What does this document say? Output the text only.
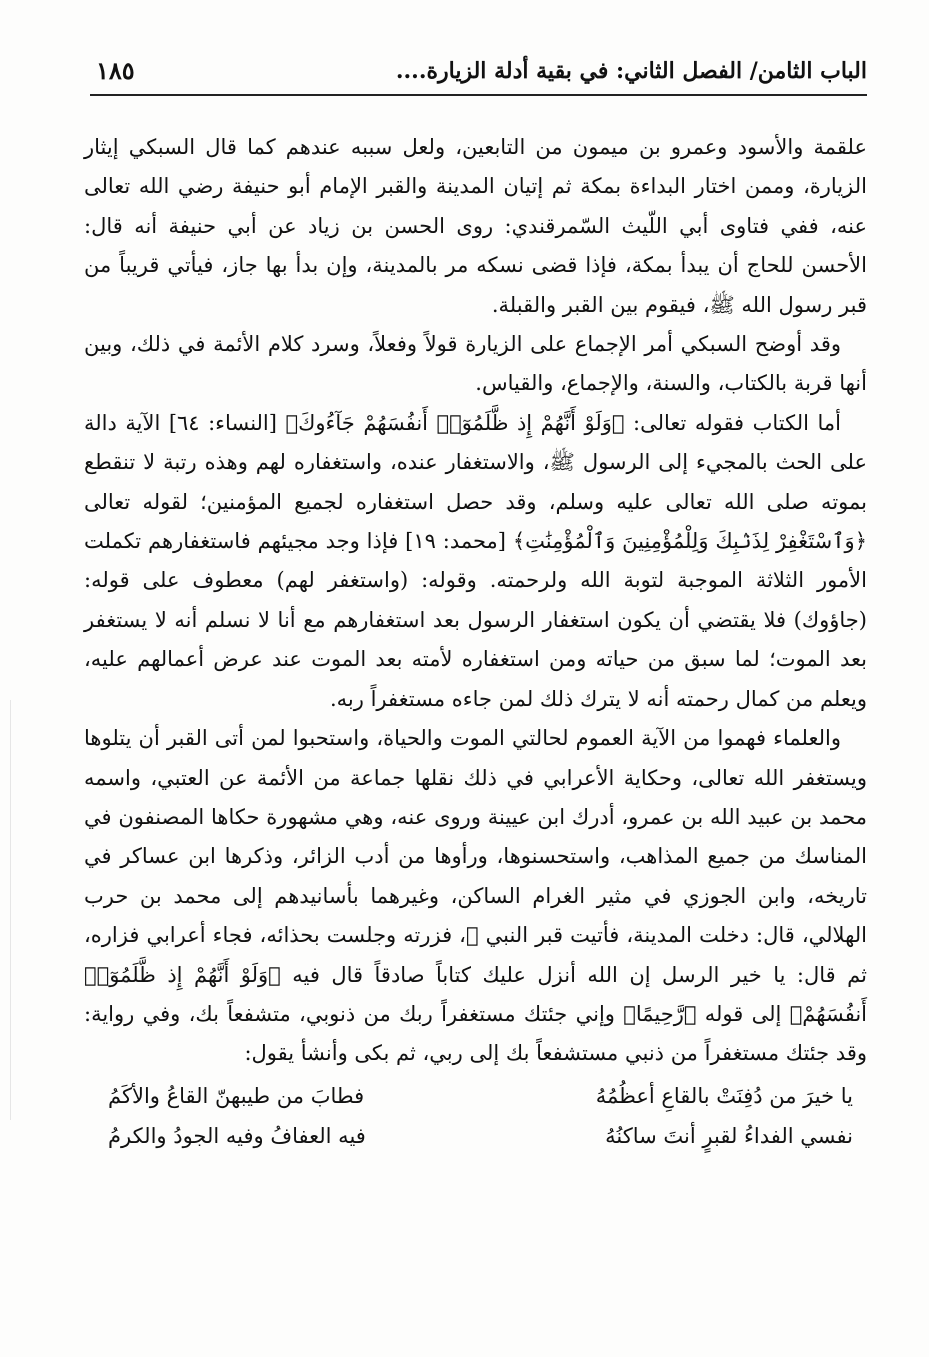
الباب الثامن/ الفصل الثاني: في بقية أدلة الزيارة....
١٨٥

علقمة والأسود وعمرو بن ميمون من التابعين، ولعل سببه عندهم كما قال السبكي إيثار الزيارة، وممن اختار البداءة بمكة ثم إتيان المدينة والقبر الإمام أبو حنيفة رضي الله تعالى عنه، ففي فتاوى أبي اللّيث السّمرقندي: روى الحسن بن زياد عن أبي حنيفة أنه قال: الأحسن للحاج أن يبدأ بمكة، فإذا قضى نسكه مر بالمدينة، وإن بدأ بها جاز، فيأتي قريباً من قبر رسول الله ﷺ، فيقوم بين القبر والقبلة.

وقد أوضح السبكي أمر الإجماع على الزيارة قولاً وفعلاً، وسرد كلام الأئمة في ذلك، وبين أنها قربة بالكتاب، والسنة، والإجماع، والقياس.

أما الكتاب فقوله تعالى: ﴿وَلَوْ أَنَّهُمْ إِذ ظَّلَمُوٓا۟ أَنفُسَهُمْ جَآءُوكَ﴾ [النساء: ٦٤] الآية دالة على الحث بالمجيء إلى الرسول ﷺ، والاستغفار عنده، واستغفاره لهم وهذه رتبة لا تنقطع بموته صلى الله تعالى عليه وسلم، وقد حصل استغفاره لجميع المؤمنين؛ لقوله تعالى ﴿وَٱسْتَغْفِرْ لِذَنۢبِكَ وَلِلْمُؤْمِنِينَ وَٱلْمُؤْمِنَٰتِ﴾ [محمد: ١٩] فإذا وجد مجيئهم فاستغفارهم تكملت الأمور الثلاثة الموجبة لتوبة الله ولرحمته. وقوله: (واستغفر لهم) معطوف على قوله: (جاؤوك) فلا يقتضي أن يكون استغفار الرسول بعد استغفارهم مع أنا لا نسلم أنه لا يستغفر بعد الموت؛ لما سبق من حياته ومن استغفاره لأمته بعد الموت عند عرض أعمالهم عليه، ويعلم من كمال رحمته أنه لا يترك ذلك لمن جاءه مستغفراً ربه.

والعلماء فهموا من الآية العموم لحالتي الموت والحياة، واستحبوا لمن أتى القبر أن يتلوها ويستغفر الله تعالى، وحكاية الأعرابي في ذلك نقلها جماعة من الأئمة عن العتبي، واسمه محمد بن عبيد الله بن عمرو، أدرك ابن عيينة وروى عنه، وهي مشهورة حكاها المصنفون في المناسك من جميع المذاهب، واستحسنوها، ورأوها من أدب الزائر، وذكرها ابن عساكر في تاريخه، وابن الجوزي في مثير الغرام الساكن، وغيرهما بأسانيدهم إلى محمد بن حرب الهلالي، قال: دخلت المدينة، فأتيت قبر النبي ﷺ، فزرته وجلست بحذائه، فجاء أعرابي فزاره، ثم قال: يا خير الرسل إن الله أنزل عليك كتاباً صادقاً قال فيه ﴿وَلَوْ أَنَّهُمْ إِذ ظَّلَمُوٓا۟ أَنفُسَهُمْ﴾ إلى قوله ﴿رَّحِيمًا﴾ وإني جئتك مستغفراً ربك من ذنوبي، متشفعاً بك، وفي رواية: وقد جئتك مستغفراً من ذنبي مستشفعاً بك إلى ربي، ثم بكى وأنشأ يقول:

يا خيرَ من دُفِنَتْ بالقاعِ أعظُمُهُ
فطابَ من طيبهنّ القاعُ والأكَمُ
نفسي الفداءُ لقبرٍ أنتَ ساكنُهُ
فيه العفافُ وفيه الجودُ والكرمُ
